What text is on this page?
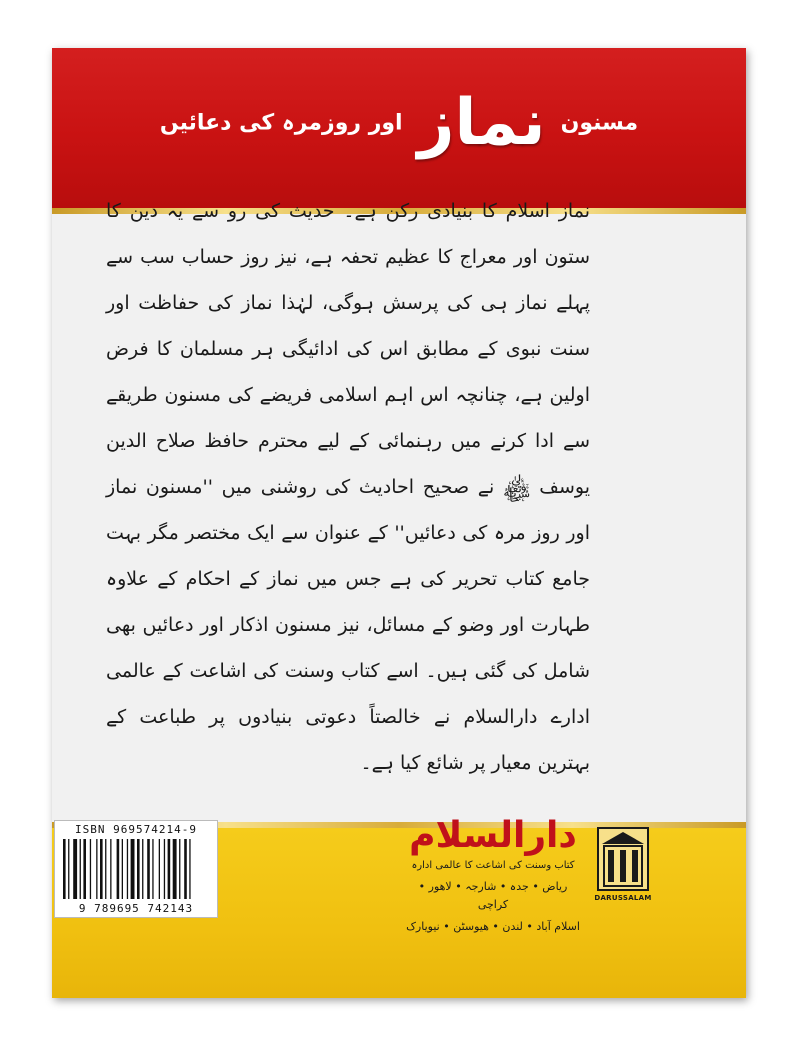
مسنون نماز اور روزمرہ کی دعائیں
نماز اسلام کا بنیادی رکن ہے۔ حدیث کی رو سے یہ دین کا ستون اور معراج کا عظیم تحفہ ہے، نیز روز حساب سب سے پہلے نماز ہی کی پرسش ہوگی، لہٰذا نماز کی حفاظت اور سنت نبوی کے مطابق اس کی ادائیگی ہر مسلمان کا فرض اولین ہے، چنانچہ اس اہم اسلامی فریضے کی مسنون طریقے سے ادا کرنے میں رہنمائی کے لیے محترم حافظ صلاح الدین یوسف ﷾ نے صحیح احادیث کی روشنی میں ''مسنون نماز اور روز مرہ کی دعائیں'' کے عنوان سے ایک مختصر مگر بہت جامع کتاب تحریر کی ہے جس میں نماز کے احکام کے علاوہ طہارت اور وضو کے مسائل، نیز مسنون اذکار اور دعائیں بھی شامل کی گئی ہیں۔ اسے کتاب وسنت کی اشاعت کے عالمی ادارے دارالسلام نے خالصتاً دعوتی بنیادوں پر طباعت کے بہترین معیار پر شائع کیا ہے۔
ISBN 969574214-9
9 789695 742143
دارالسلام
کتاب وسنت کی اشاعت کا عالمی ادارہ
ریاض • جدہ • شارجہ • لاهور • کراچی
اسلام آباد • لندن • هیوسٹن • نیویارک
DARUSSALAM
